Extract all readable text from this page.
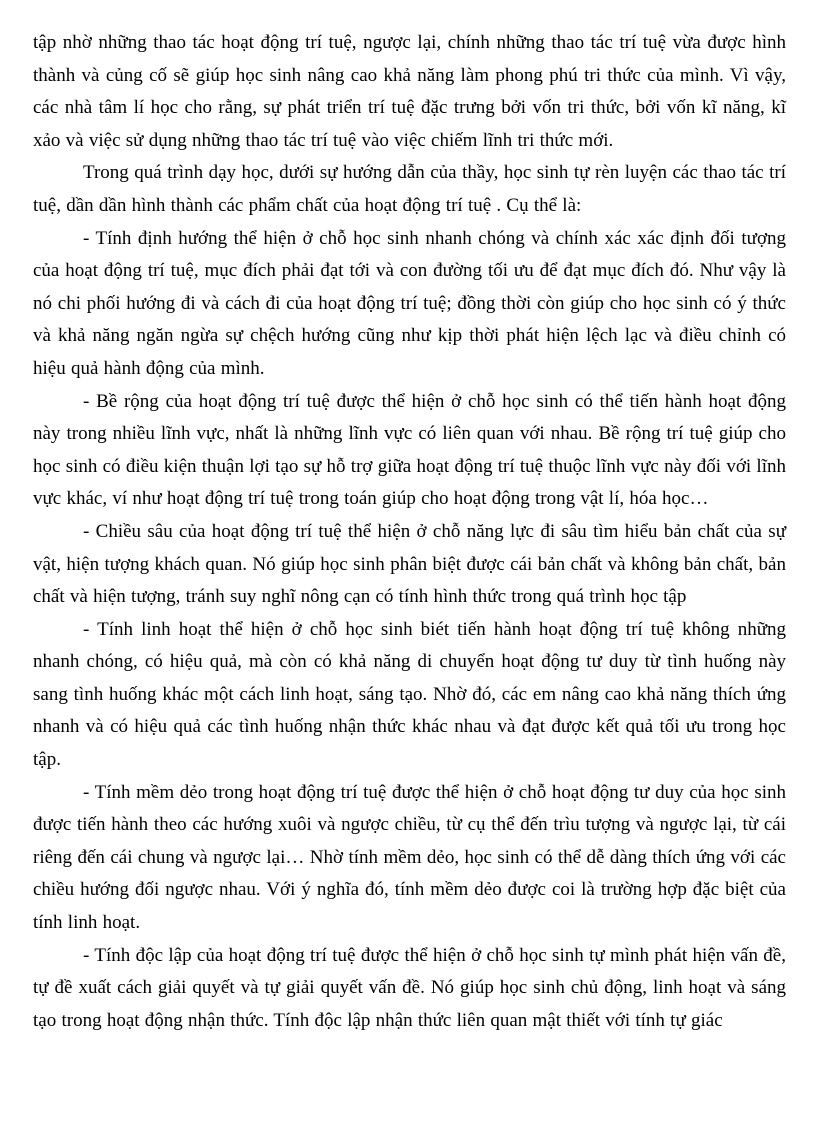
tập nhờ những thao tác hoạt động trí tuệ, ngược lại, chính những thao tác trí tuệ vừa được hình thành và củng cố sẽ giúp học sinh nâng cao khả năng làm phong phú tri thức của mình. Vì vậy, các nhà tâm lí học cho rằng, sự phát triển trí tuệ đặc trưng bởi vốn tri thức, bởi vốn kĩ năng, kĩ xảo và việc sử dụng những thao tác trí tuệ vào việc chiếm lĩnh tri thức mới.

Trong quá trình dạy học, dưới sự hướng dẫn của thầy, học sinh tự rèn luyện các thao tác trí tuệ, dần dần hình thành các phẩm chất của hoạt động trí tuệ . Cụ thể là:

- Tính định hướng thể hiện ở chỗ học sinh nhanh chóng và chính xác xác định đối tượng của hoạt động trí tuệ, mục đích phải đạt tới và con đường tối ưu để đạt mục đích đó. Như vậy là nó chi phối hướng đi và cách đi của hoạt động trí tuệ; đồng thời còn giúp cho học sinh có ý thức và khả năng ngăn ngừa sự chệch hướng cũng như kịp thời phát hiện lệch lạc và điều chỉnh có hiệu quả hành động của mình.

- Bề rộng của hoạt động trí tuệ được thể hiện ở chỗ học sinh có thể tiến hành hoạt động này trong nhiều lĩnh vực, nhất là những lĩnh vực có liên quan với nhau. Bề rộng trí tuệ giúp cho học sinh có điều kiện thuận lợi tạo sự hỗ trợ giữa hoạt động trí tuệ thuộc lĩnh vực này đối với lĩnh vực khác, ví như hoạt động trí tuệ trong toán giúp cho hoạt động trong vật lí, hóa học…

- Chiều sâu của hoạt động trí tuệ thể hiện ở chỗ năng lực đi sâu tìm hiểu bản chất của sự vật, hiện tượng khách quan. Nó giúp học sinh phân biệt được cái bản chất và không bản chất, bản chất và hiện tượng, tránh suy nghĩ nông cạn có tính hình thức trong quá trình học tập

- Tính linh hoạt thể hiện ở chỗ học sinh biét tiến hành hoạt động trí tuệ không những nhanh chóng, có hiệu quả, mà còn có khả năng di chuyển hoạt động tư duy từ tình huống này sang tình huống khác một cách linh hoạt, sáng tạo. Nhờ đó, các em nâng cao khả năng thích ứng nhanh và có hiệu quả các tình huống nhận thức khác nhau và đạt được kết quả tối ưu trong học tập.

- Tính mềm dẻo trong hoạt động trí tuệ được thể hiện ở chỗ hoạt động tư duy của học sinh được tiến hành theo các hướng xuôi và ngược chiều, từ cụ thể đến trìu tượng và ngược lại, từ cái riêng đến cái chung và ngược lại… Nhờ tính mềm dẻo, học sinh có thể dễ dàng thích ứng với các chiều hướng đối ngược nhau. Với ý nghĩa đó, tính mềm dẻo được coi là trường hợp đặc biệt của tính linh hoạt.

- Tính độc lập của hoạt động trí tuệ được thể hiện ở chỗ học sinh tự mình phát hiện vấn đề, tự đề xuất cách giải quyết và tự giải quyết vấn đề. Nó giúp học sinh chủ động, linh hoạt và sáng tạo trong hoạt động nhận thức. Tính độc lập nhận thức liên quan mật thiết với tính tự giác
